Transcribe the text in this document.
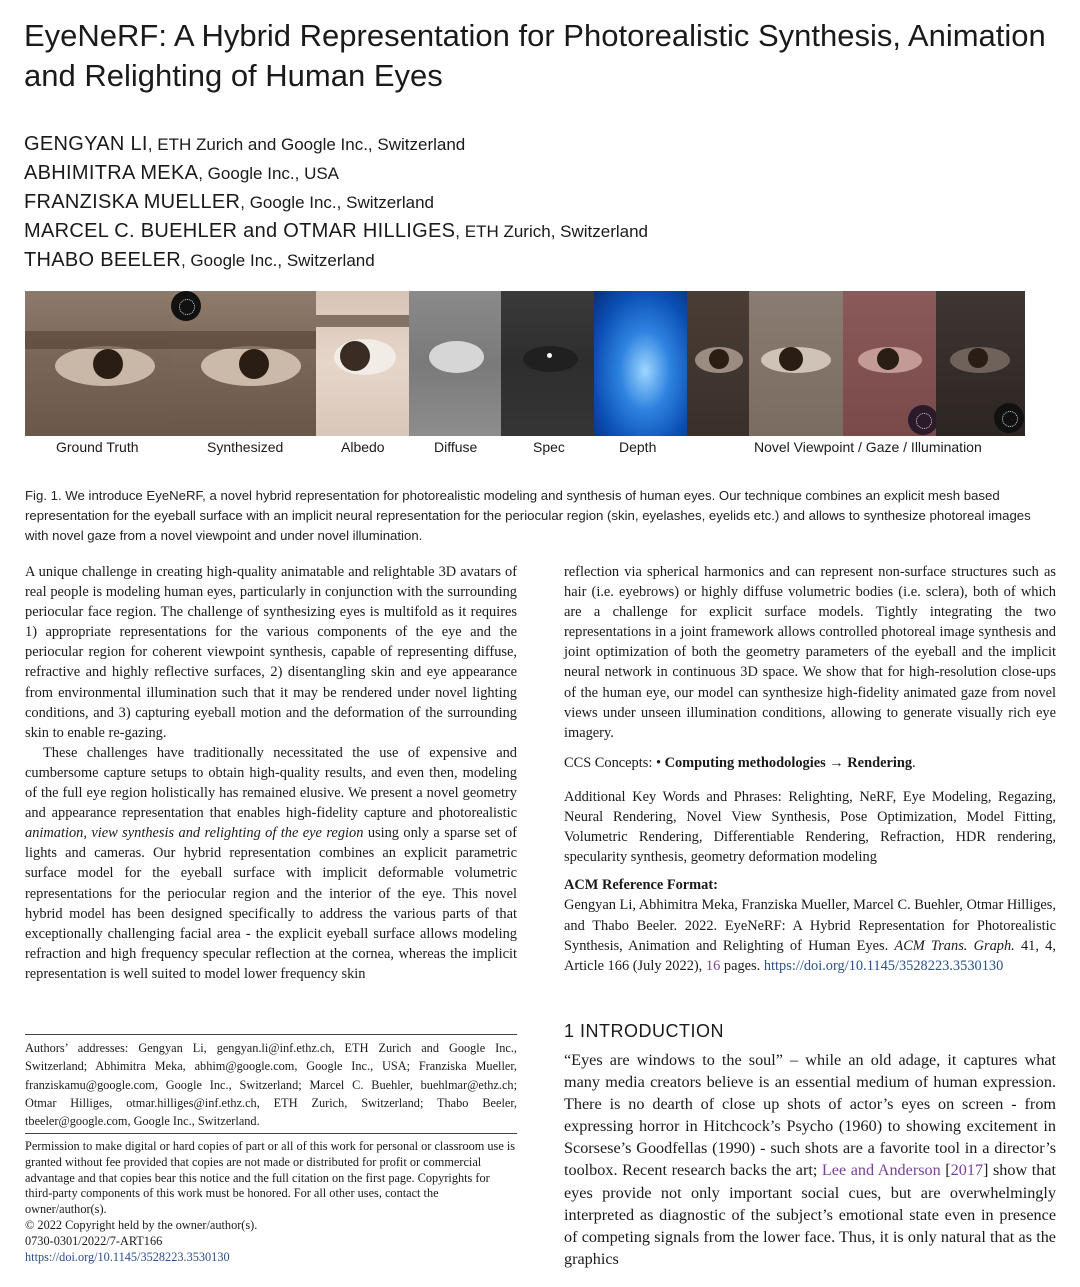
EyeNeRF: A Hybrid Representation for Photorealistic Synthesis, Animation and Relighting of Human Eyes
GENGYAN LI, ETH Zurich and Google Inc., Switzerland
ABHIMITRA MEKA, Google Inc., USA
FRANZISKA MUELLER, Google Inc., Switzerland
MARCEL C. BUEHLER and OTMAR HILLIGES, ETH Zurich, Switzerland
THABO BEELER, Google Inc., Switzerland
Ground Truth	Synthesized	Albedo	Diffuse	Spec	Depth	Novel Viewpoint / Gaze / Illumination
Fig. 1. We introduce EyeNeRF, a novel hybrid representation for photorealistic modeling and synthesis of human eyes. Our technique combines an explicit mesh based representation for the eyeball surface with an implicit neural representation for the periocular region (skin, eyelashes, eyelids etc.) and allows to synthesize photoreal images with novel gaze from a novel viewpoint and under novel illumination.

A unique challenge in creating high-quality animatable and relightable 3D avatars of real people is modeling human eyes, particularly in conjunction with the surrounding periocular face region. The challenge of synthesizing eyes is multifold as it requires 1) appropriate representations for the various components of the eye and the periocular region for coherent viewpoint synthesis, capable of representing diffuse, refractive and highly reflective surfaces, 2) disentangling skin and eye appearance from environmental illumination such that it may be rendered under novel lighting conditions, and 3) capturing eyeball motion and the deformation of the surrounding skin to enable re-gazing.

These challenges have traditionally necessitated the use of expensive and cumbersome capture setups to obtain high-quality results, and even then, modeling of the full eye region holistically has remained elusive. We present a novel geometry and appearance representation that enables high-fidelity capture and photorealistic animation, view synthesis and relighting of the eye region using only a sparse set of lights and cameras. Our hybrid representation combines an explicit parametric surface model for the eyeball surface with implicit deformable volumetric representations for the periocular region and the interior of the eye. This novel hybrid model has been designed specifically to address the various parts of that exceptionally challenging facial area - the explicit eyeball surface allows modeling refraction and high frequency specular reflection at the cornea, whereas the implicit representation is well suited to model lower frequency skin

Authors’ addresses: Gengyan Li, gengyan.li@inf.ethz.ch, ETH Zurich and Google Inc., Switzerland; Abhimitra Meka, abhim@google.com, Google Inc., USA; Franziska Mueller, franziskamu@google.com, Google Inc., Switzerland; Marcel C. Buehler, buehlmar@ethz.ch; Otmar Hilliges, otmar.hilliges@inf.ethz.ch, ETH Zurich, Switzerland; Thabo Beeler, tbeeler@google.com, Google Inc., Switzerland.
Permission to make digital or hard copies of part or all of this work for personal or classroom use is granted without fee provided that copies are not made or distributed for profit or commercial advantage and that copies bear this notice and the full citation on the first page. Copyrights for third-party components of this work must be honored. For all other uses, contact the owner/author(s).
© 2022 Copyright held by the owner/author(s).
0730-0301/2022/7-ART166
https://doi.org/10.1145/3528223.3530130

reflection via spherical harmonics and can represent non-surface structures such as hair (i.e. eyebrows) or highly diffuse volumetric bodies (i.e. sclera), both of which are a challenge for explicit surface models. Tightly integrating the two representations in a joint framework allows controlled photoreal image synthesis and joint optimization of both the geometry parameters of the eyeball and the implicit neural network in continuous 3D space. We show that for high-resolution close-ups of the human eye, our model can synthesize high-fidelity animated gaze from novel views under unseen illumination conditions, allowing to generate visually rich eye imagery.

CCS Concepts: • Computing methodologies → Rendering.

Additional Key Words and Phrases: Relighting, NeRF, Eye Modeling, Regazing, Neural Rendering, Novel View Synthesis, Pose Optimization, Model Fitting, Volumetric Rendering, Differentiable Rendering, Refraction, HDR rendering, specularity synthesis, geometry deformation modeling

ACM Reference Format:

Gengyan Li, Abhimitra Meka, Franziska Mueller, Marcel C. Buehler, Otmar Hilliges, and Thabo Beeler. 2022. EyeNeRF: A Hybrid Representation for Photorealistic Synthesis, Animation and Relighting of Human Eyes. ACM Trans. Graph. 41, 4, Article 166 (July 2022), 16 pages. https://doi.org/10.1145/3528223.3530130

1 INTRODUCTION
“Eyes are windows to the soul” – while an old adage, it captures what many media creators believe is an essential medium of human expression. There is no dearth of close up shots of actor’s eyes on screen - from expressing horror in Hitchcock’s Psycho (1960) to showing excitement in Scorsese’s Goodfellas (1990) - such shots are a favorite tool in a director’s toolbox. Recent research backs the art; Lee and Anderson [2017] show that eyes provide not only important social cues, but are overwhelmingly interpreted as diagnostic of the subject’s emotional state even in presence of competing signals from the lower face. Thus, it is only natural that as the graphics
